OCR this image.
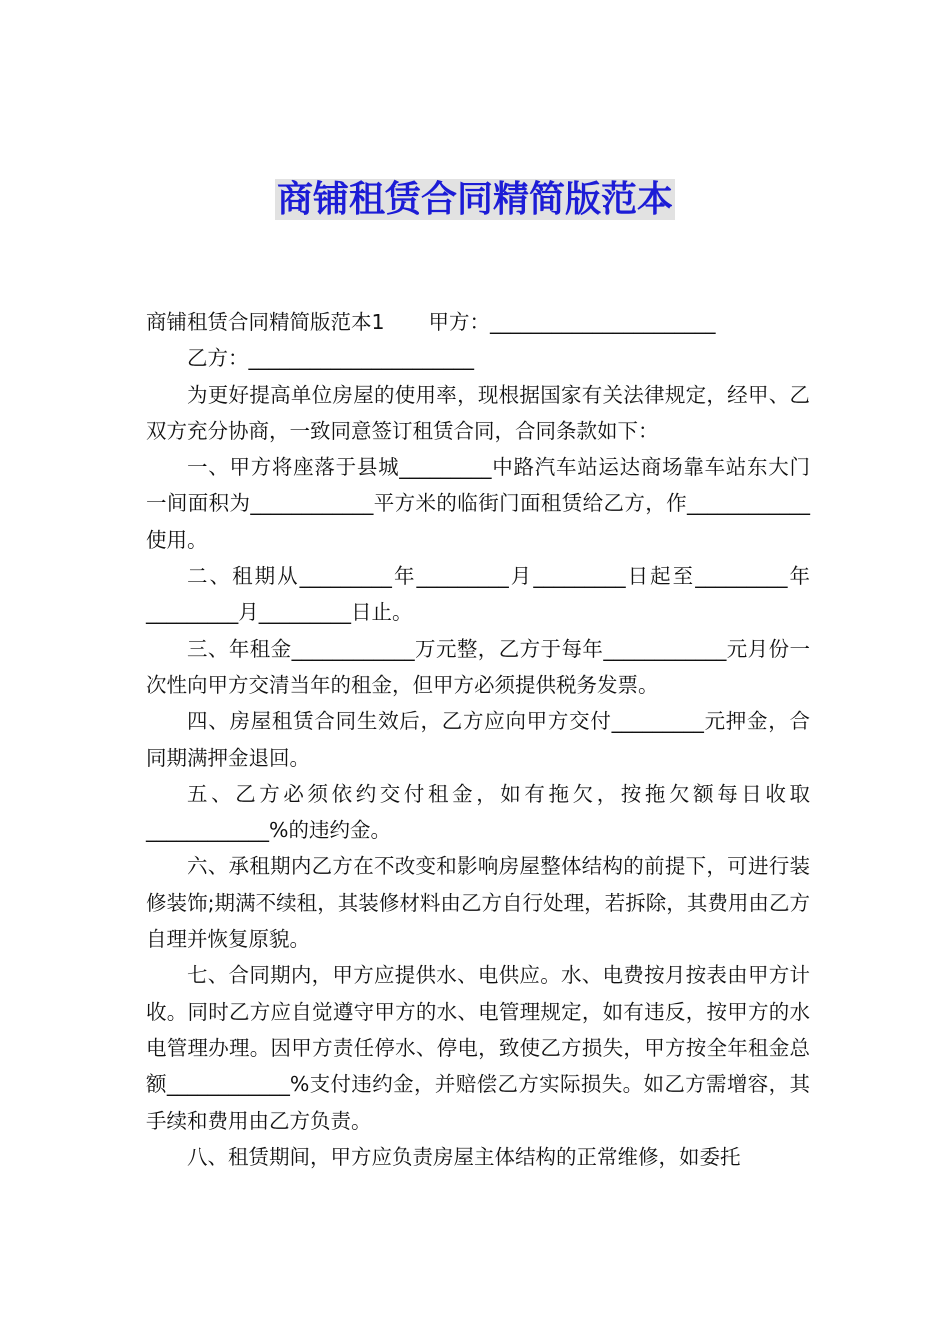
商铺租赁合同精简版范本

商铺租赁合同精简版范本1 甲方：______________________

乙方：______________________

为更好提高单位房屋的使用率，现根据国家有关法律规定，经甲、乙双方充分协商，一致同意签订租赁合同，合同条款如下：

一、甲方将座落于县城_________中路汽车站运达商场靠车站东大门一间面积为____________平方米的临街门面租赁给乙方，作____________使用。

二、租期从_________年_________月_________日起至_________年_________月_________日止。

三、年租金____________万元整，乙方于每年____________元月份一次性向甲方交清当年的租金，但甲方必须提供税务发票。

四、房屋租赁合同生效后，乙方应向甲方交付_________元押金，合同期满押金退回。

五、乙方必须依约交付租金，如有拖欠，按拖欠额每日收取____________%的违约金。

六、承租期内乙方在不改变和影响房屋整体结构的前提下，可进行装修装饰;期满不续租，其装修材料由乙方自行处理，若拆除，其费用由乙方自理并恢复原貌。

七、合同期内，甲方应提供水、电供应。水、电费按月按表由甲方计收。同时乙方应自觉遵守甲方的水、电管理规定，如有违反，按甲方的水电管理办理。因甲方责任停水、停电，致使乙方损失，甲方按全年租金总额____________%支付违约金，并赔偿乙方实际损失。如乙方需增容，其手续和费用由乙方负责。

八、租赁期间，甲方应负责房屋主体结构的正常维修，如委托
